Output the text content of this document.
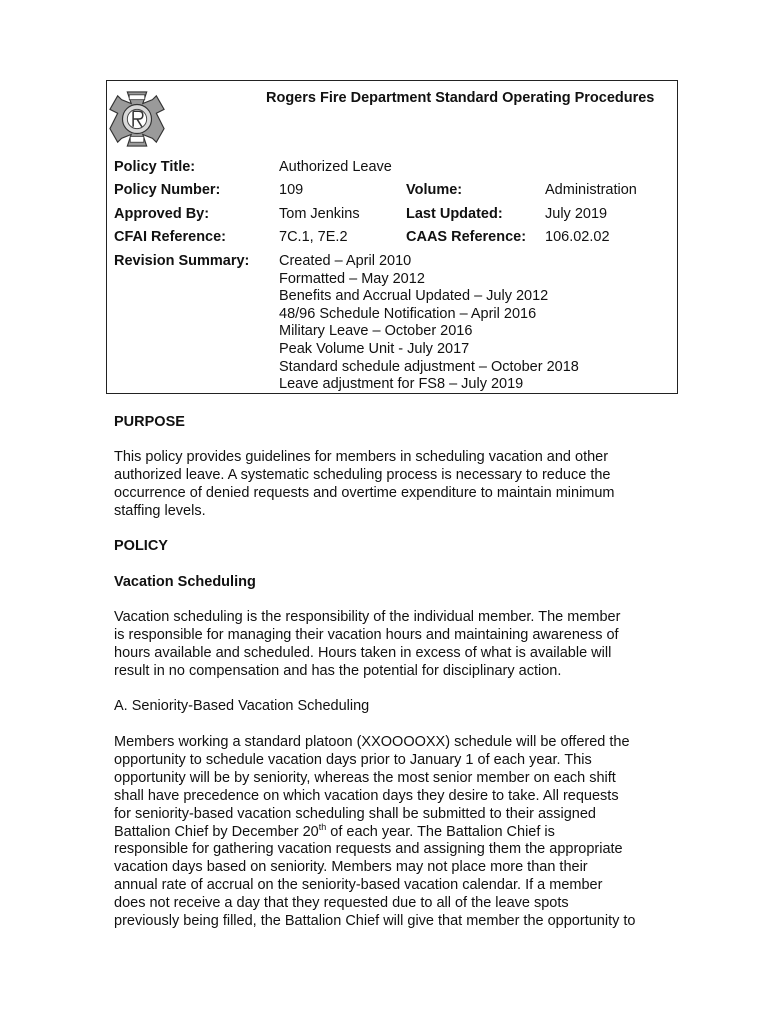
Rogers Fire Department Standard Operating Procedures
Policy Title:	Authorized Leave
Policy Number:	109	Volume:	Administration
Approved By:	Tom Jenkins	Last Updated:	July 2019
CFAI Reference:	7C.1, 7E.2	CAAS Reference: 106.02.02
Revision Summary: Created – April 2010
Formatted – May 2012
Benefits and Accrual Updated – July 2012
48/96 Schedule Notification – April 2016
Military Leave – October 2016
Peak Volume Unit - July 2017
Standard schedule adjustment – October 2018
Leave adjustment for FS8 – July 2019
PURPOSE
This policy provides guidelines for members in scheduling vacation and other
authorized leave. A systematic scheduling process is necessary to reduce the
occurrence of denied requests and overtime expenditure to maintain minimum
staffing levels.
POLICY
Vacation Scheduling
Vacation scheduling is the responsibility of the individual member. The member
is responsible for managing their vacation hours and maintaining awareness of
hours available and scheduled. Hours taken in excess of what is available will
result in no compensation and has the potential for disciplinary action.
A. Seniority-Based Vacation Scheduling
Members working a standard platoon (XXOOOOXX) schedule will be offered the
opportunity to schedule vacation days prior to January 1 of each year. This
opportunity will be by seniority, whereas the most senior member on each shift
shall have precedence on which vacation days they desire to take. All requests
for seniority-based vacation scheduling shall be submitted to their assigned
Battalion Chief by December 20th of each year. The Battalion Chief is
responsible for gathering vacation requests and assigning them the appropriate
vacation days based on seniority. Members may not place more than their
annual rate of accrual on the seniority-based vacation calendar. If a member
does not receive a day that they requested due to all of the leave spots
previously being filled, the Battalion Chief will give that member the opportunity to
